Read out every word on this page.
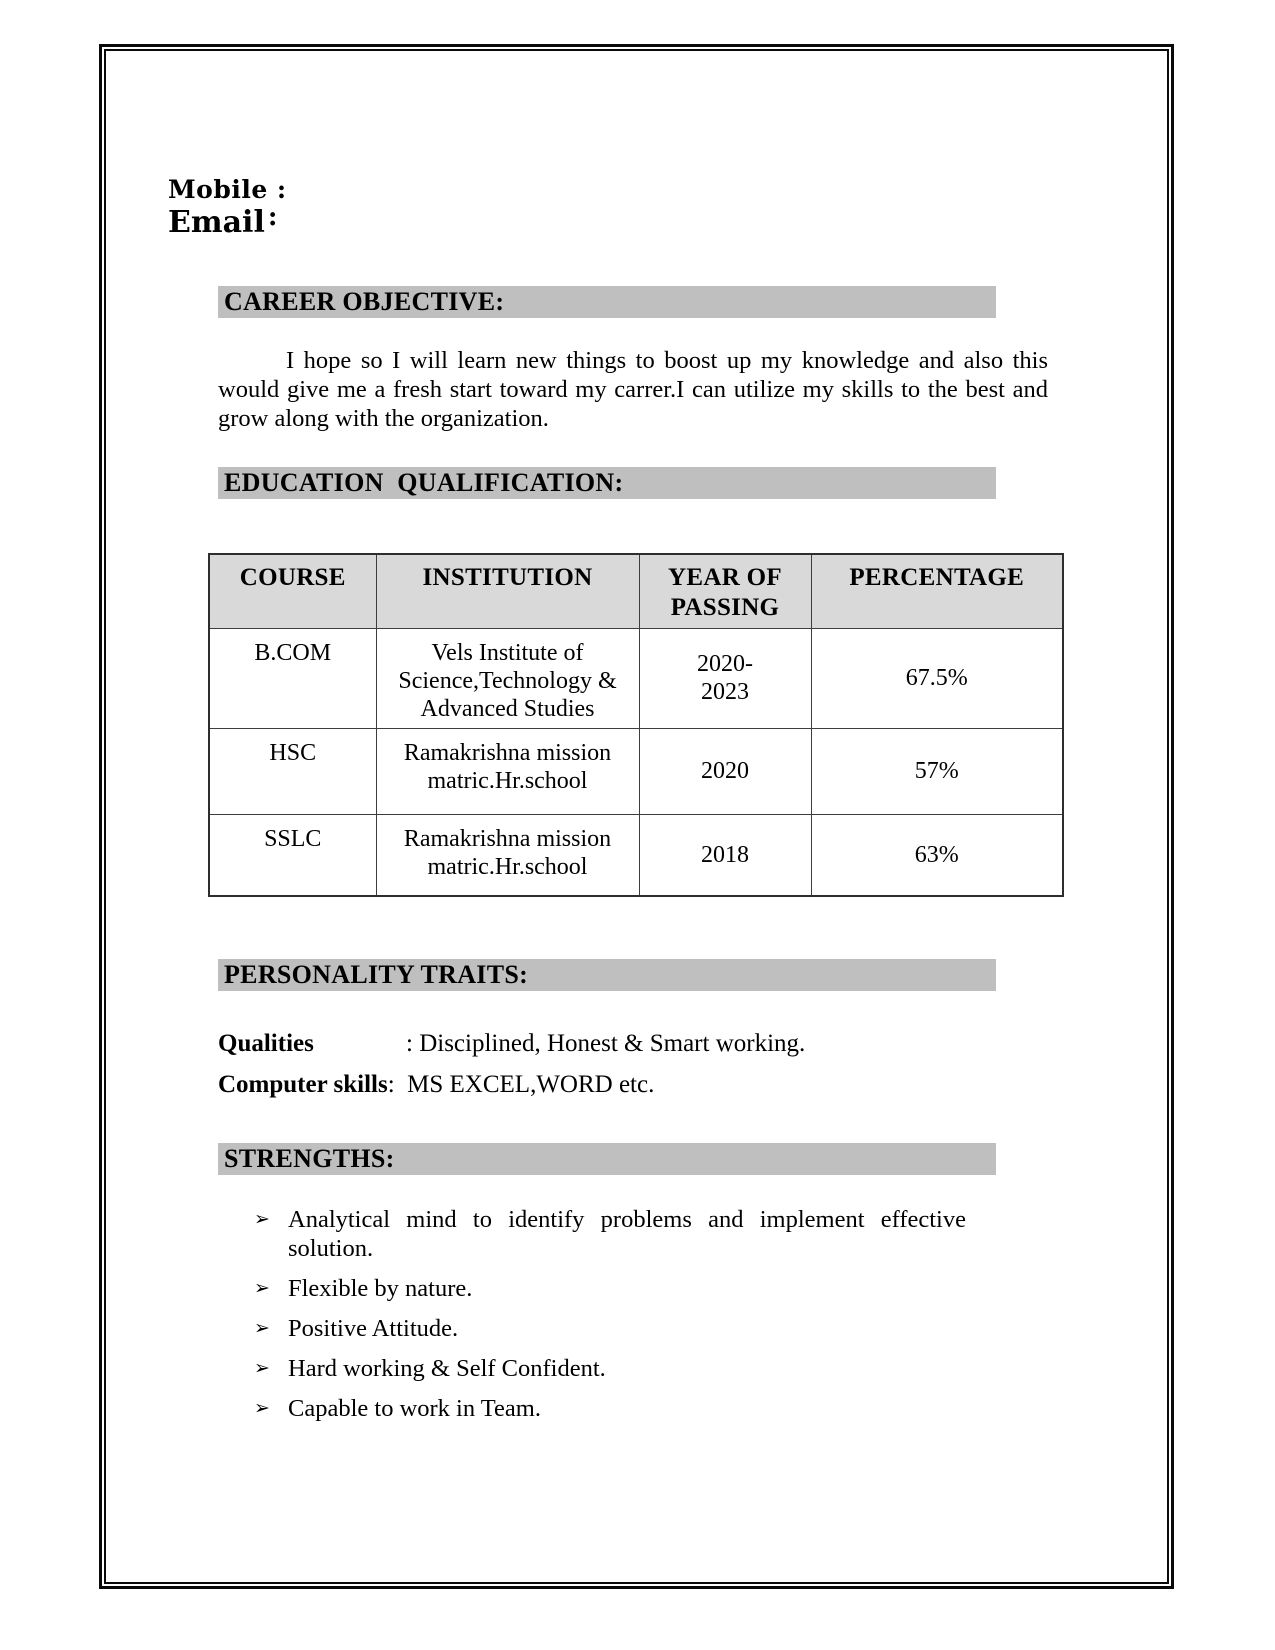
Mobile :
Email :
CAREER OBJECTIVE:
I hope so I will learn new things to boost up my knowledge and also this would give me a fresh start toward my carrer.I can utilize my skills to the best and grow along with the organization.
EDUCATION  QUALIFICATION:
COURSE	INSTITUTION	YEAR OF PASSING	PERCENTAGE
B.COM	Vels Institute of Science,Technology & Advanced Studies	2020-2023	67.5%
HSC	Ramakrishna mission matric.Hr.school	2020	57%
SSLC	Ramakrishna mission matric.Hr.school	2018	63%
PERSONALITY TRAITS:
Qualities	: Disciplined, Honest & Smart working.
Computer skills:  MS EXCEL,WORD etc.
STRENGTHS:
➢ Analytical mind to identify problems and implement effective solution.
➢ Flexible by nature.
➢ Positive Attitude.
➢ Hard working & Self Confident.
➢ Capable to work in Team.
